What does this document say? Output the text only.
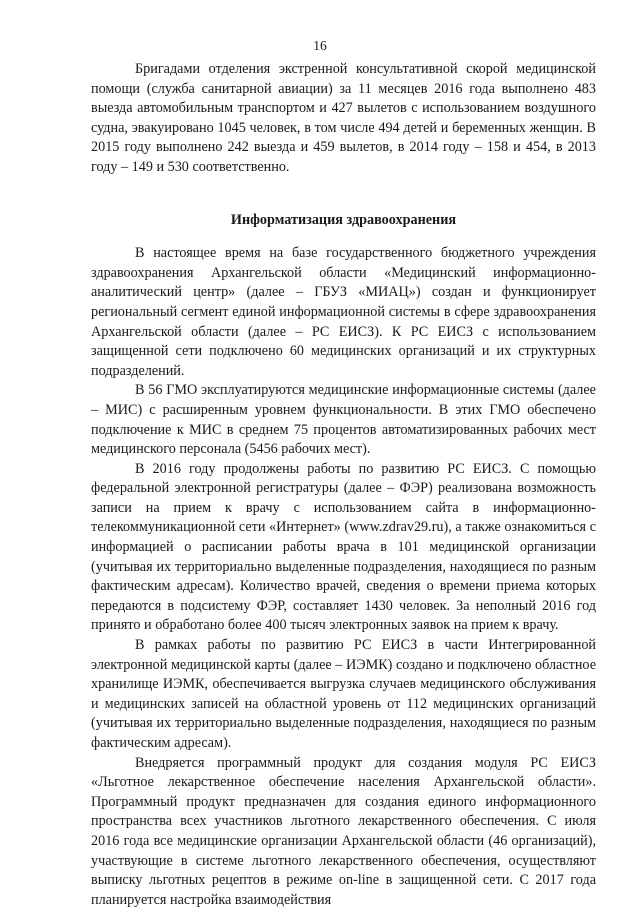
16

Бригадами отделения экстренной консультативной скорой медицинской помощи (служба санитарной авиации) за 11 месяцев 2016 года выполнено 483 выезда автомобильным транспортом и 427 вылетов с использованием воздушного судна, эвакуировано 1045 человек, в том числе 494 детей и беременных женщин. В 2015 году выполнено 242 выезда и 459 вылетов, в 2014 году – 158 и 454, в 2013 году – 149 и 530 соответственно.

Информатизация здравоохранения

В настоящее время на базе государственного бюджетного учреждения здравоохранения Архангельской области «Медицинский информационно-аналитический центр» (далее – ГБУЗ «МИАЦ») создан и функционирует региональный сегмент единой информационной системы в сфере здравоохранения Архангельской области (далее – РС ЕИСЗ). К РС ЕИСЗ с использованием защищенной сети подключено 60 медицинских организаций и их структурных подразделений.

В 56 ГМО эксплуатируются медицинские информационные системы (далее – МИС) с расширенным уровнем функциональности. В этих ГМО обеспечено подключение к МИС в среднем 75 процентов автоматизированных рабочих мест медицинского персонала (5456 рабочих мест).

В 2016 году продолжены работы по развитию РС ЕИСЗ. С помощью федеральной электронной регистратуры (далее – ФЭР) реализована возможность записи на прием к врачу с использованием сайта в информационно-телекоммуникационной сети «Интернет» (www.zdrav29.ru), а также ознакомиться с информацией о расписании работы врача в 101 медицинской организации (учитывая их территориально выделенные подразделения, находящиеся по разным фактическим адресам). Количество врачей, сведения о времени приема которых передаются в подсистему ФЭР, составляет 1430 человек. За неполный 2016 год принято и обработано более 400 тысяч электронных заявок на прием к врачу.

В рамках работы по развитию РС ЕИСЗ в части Интегрированной электронной медицинской карты (далее – ИЭМК) создано и подключено областное хранилище ИЭМК, обеспечивается выгрузка случаев медицинского обслуживания и медицинских записей на областной уровень от 112 медицинских организаций (учитывая их территориально выделенные подразделения, находящиеся по разным фактическим адресам).

Внедряется программный продукт для создания модуля РС ЕИСЗ «Льготное лекарственное обеспечение населения Архангельской области». Программный продукт предназначен для создания единого информационного пространства всех участников льготного лекарственного обеспечения. С июля 2016 года все медицинские организации Архангельской области (46 организаций), участвующие в системе льготного лекарственного обеспечения, осуществляют выписку льготных рецептов в режиме on-line в защищенной сети. С 2017 года планируется настройка взаимодействия
